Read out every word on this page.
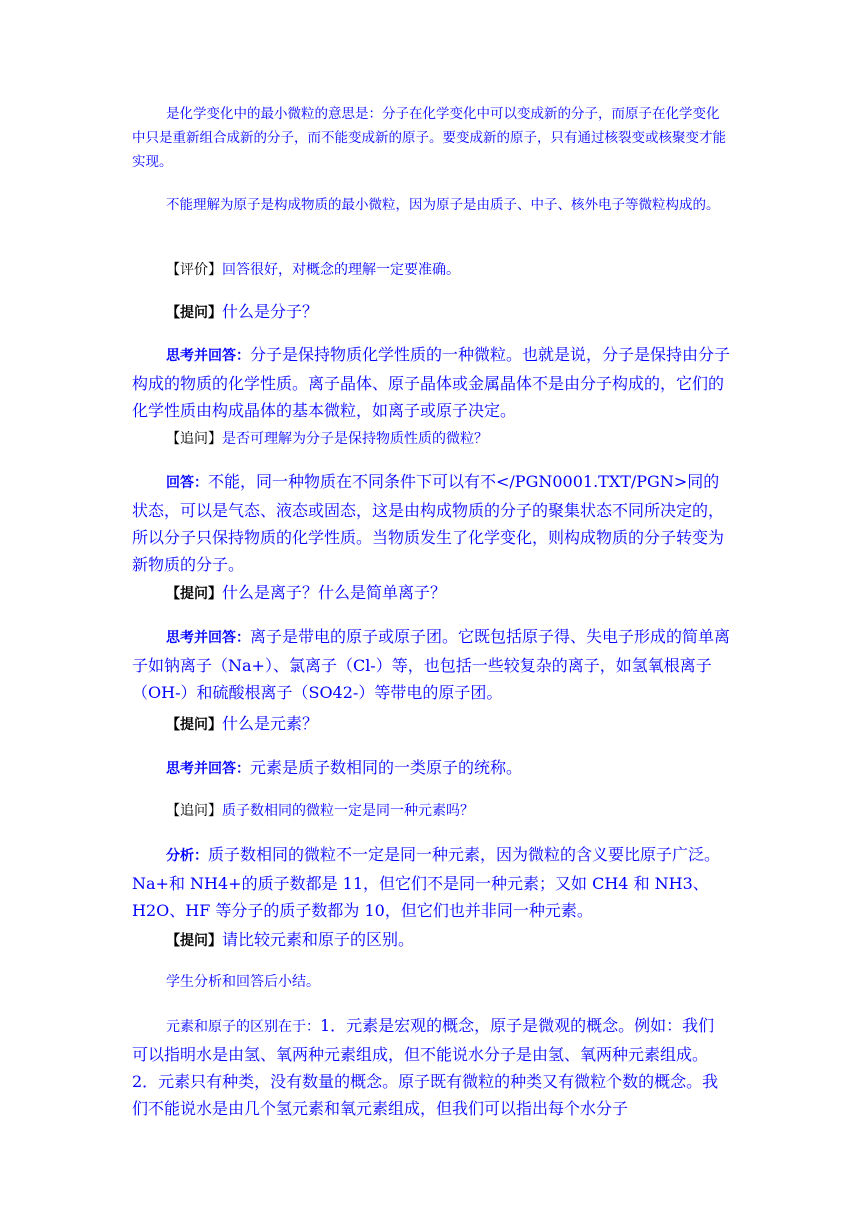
是化学变化中的最小微粒的意思是：分子在化学变化中可以变成新的分子，而原子在化学变化中只是重新组合成新的分子，而不能变成新的原子。要变成新的原子，只有通过核裂变或核聚变才能实现。

不能理解为原子是构成物质的最小微粒，因为原子是由质子、中子、核外电子等微粒构成的。

【评价】回答很好，对概念的理解一定要准确。

【提问】什么是分子？

思考并回答：分子是保持物质化学性质的一种微粒。也就是说，分子是保持由分子构成的物质的化学性质。离子晶体、原子晶体或金属晶体不是由分子构成的，它们的化学性质由构成晶体的基本微粒，如离子或原子决定。

【追问】是否可理解为分子是保持物质性质的微粒？

回答：不能，同一种物质在不同条件下可以有不</PGN0001.TXT/PGN>同的状态，可以是气态、液态或固态，这是由构成物质的分子的聚集状态不同所决定的，所以分子只保持物质的化学性质。当物质发生了化学变化，则构成物质的分子转变为新物质的分子。

【提问】什么是离子？什么是简单离子？

思考并回答：离子是带电的原子或原子团。它既包括原子得、失电子形成的简单离子如钠离子（Na+）、氯离子（Cl-）等，也包括一些较复杂的离子，如氢氧根离子（OH-）和硫酸根离子（SO42-）等带电的原子团。

【提问】什么是元素？

思考并回答：元素是质子数相同的一类原子的统称。

【追问】质子数相同的微粒一定是同一种元素吗？

分析：质子数相同的微粒不一定是同一种元素，因为微粒的含义要比原子广泛。Na+和 NH4+的质子数都是 11，但它们不是同一种元素；又如 CH4 和 NH3、H2O、HF 等分子的质子数都为 10，但它们也并非同一种元素。

【提问】请比较元素和原子的区别。

学生分析和回答后小结。

元素和原子的区别在于：1．元素是宏观的概念，原子是微观的概念。例如：我们可以指明水是由氢、氧两种元素组成，但不能说水分子是由氢、氧两种元素组成。2．元素只有种类，没有数量的概念。原子既有微粒的种类又有微粒个数的概念。我们不能说水是由几个氢元素和氧元素组成，但我们可以指出每个水分子
